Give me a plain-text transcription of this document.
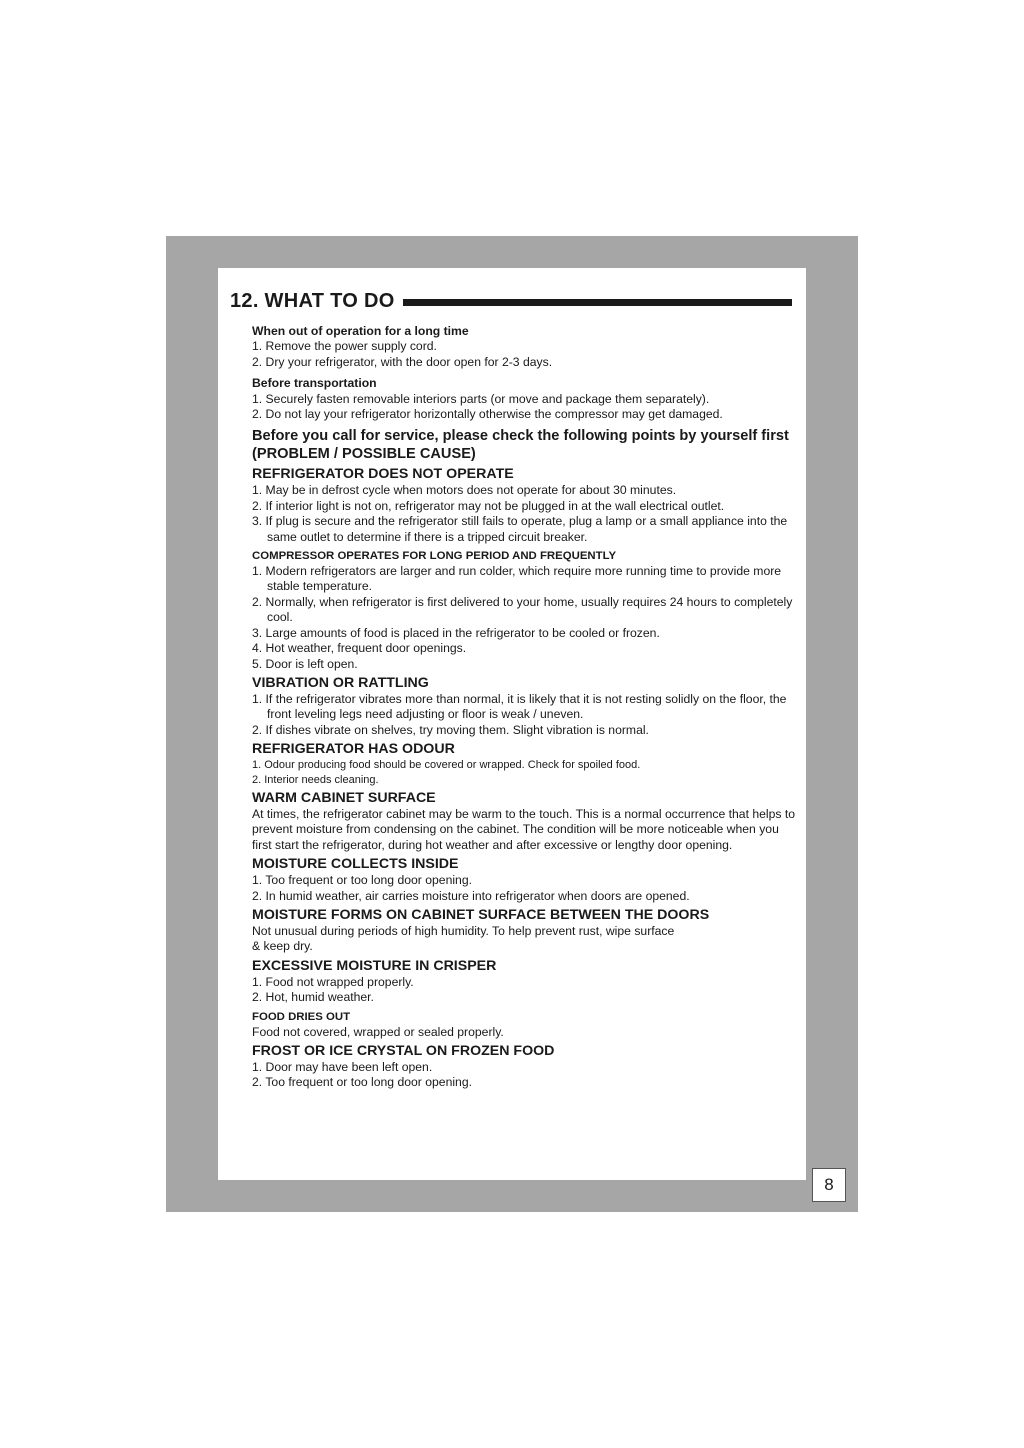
12. WHAT TO DO
When out of operation for a long time
1. Remove the power supply cord.
2. Dry your refrigerator, with the door open for 2-3 days.
Before transportation
1. Securely fasten removable interiors parts (or move and package them separately).
2. Do not lay your refrigerator horizontally otherwise the compressor may get damaged.
Before you call for service, please check the following points by yourself first (PROBLEM / POSSIBLE CAUSE)
REFRIGERATOR DOES NOT OPERATE
1. May be in defrost cycle when motors does not operate for about 30 minutes.
2. If interior light is not on, refrigerator may not be plugged in at the wall electrical outlet.
3. If plug is secure and the refrigerator still fails to operate, plug a lamp or a small appliance into the same outlet to determine if there is a tripped circuit breaker.
COMPRESSOR OPERATES FOR LONG PERIOD AND FREQUENTLY
1. Modern refrigerators are larger and run colder, which require more running time to provide more stable temperature.
2. Normally, when refrigerator is first delivered to your home, usually requires 24 hours to completely cool.
3. Large amounts of food is placed in the refrigerator to be cooled or frozen.
4. Hot weather, frequent door openings.
5. Door is left open.
VIBRATION OR RATTLING
1. If the refrigerator vibrates more than normal, it is likely that it is not resting solidly on the floor, the front leveling legs need adjusting or floor is weak / uneven.
2. If dishes vibrate on shelves, try moving them. Slight vibration is normal.
REFRIGERATOR HAS ODOUR
1. Odour producing food should be covered or wrapped. Check for spoiled food.
2. Interior needs cleaning.
WARM CABINET SURFACE

At times, the refrigerator cabinet may be warm to the touch. This is a normal occurrence that helps to prevent moisture from condensing on the cabinet. The condition will be more noticeable when you first start the refrigerator, during hot weather and after excessive or lengthy door opening.

MOISTURE COLLECTS INSIDE
1. Too frequent or too long door opening.
2. In humid weather, air carries moisture into refrigerator when doors are opened.
MOISTURE FORMS ON CABINET SURFACE BETWEEN THE DOORS

Not unusual during periods of high humidity. To help prevent rust, wipe surface

& keep dry.

EXCESSIVE MOISTURE IN CRISPER
1. Food not wrapped properly.
2. Hot, humid weather.
FOOD DRIES OUT

Food not covered, wrapped or sealed properly.

FROST OR ICE CRYSTAL ON FROZEN FOOD
1. Door may have been left open.
2. Too frequent or too long door opening.
8
